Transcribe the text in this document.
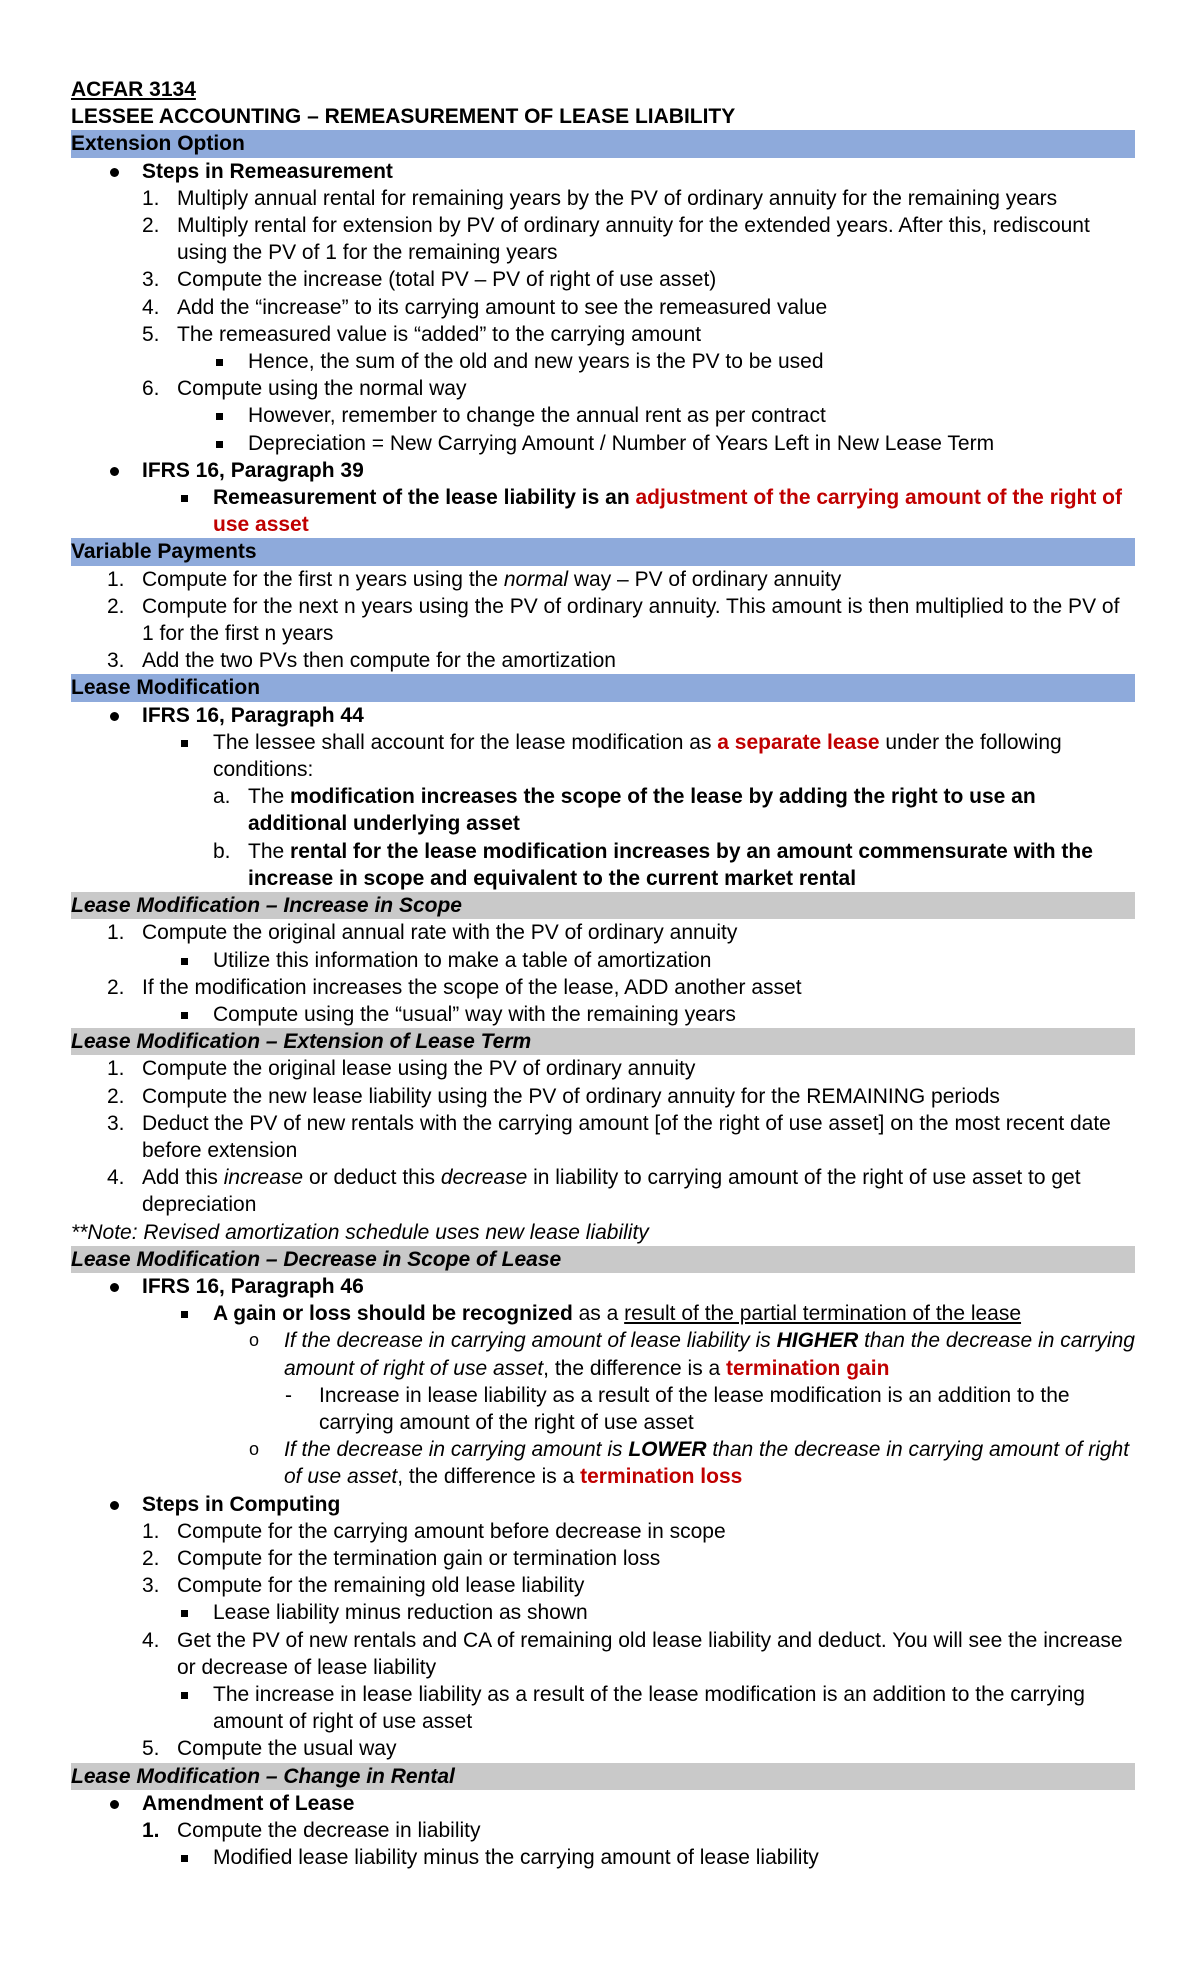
ACFAR 3134
LESSEE ACCOUNTING – REMEASUREMENT OF LEASE LIABILITY
Extension Option
Steps in Remeasurement
1. Multiply annual rental for remaining years by the PV of ordinary annuity for the remaining years
2. Multiply rental for extension by PV of ordinary annuity for the extended years. After this, rediscount using the PV of 1 for the remaining years
3. Compute the increase (total PV – PV of right of use asset)
4. Add the “increase” to its carrying amount to see the remeasured value
5. The remeasured value is “added” to the carrying amount
Hence, the sum of the old and new years is the PV to be used
6. Compute using the normal way
However, remember to change the annual rent as per contract
Depreciation = New Carrying Amount / Number of Years Left in New Lease Term
IFRS 16, Paragraph 39
Remeasurement of the lease liability is an adjustment of the carrying amount of the right of use asset
Variable Payments
1. Compute for the first n years using the normal way – PV of ordinary annuity
2. Compute for the next n years using the PV of ordinary annuity. This amount is then multiplied to the PV of 1 for the first n years
3. Add the two PVs then compute for the amortization
Lease Modification
IFRS 16, Paragraph 44
The lessee shall account for the lease modification as a separate lease under the following conditions:
a. The modification increases the scope of the lease by adding the right to use an additional underlying asset
b. The rental for the lease modification increases by an amount commensurate with the increase in scope and equivalent to the current market rental
Lease Modification – Increase in Scope
1. Compute the original annual rate with the PV of ordinary annuity
Utilize this information to make a table of amortization
2. If the modification increases the scope of the lease, ADD another asset
Compute using the “usual” way with the remaining years
Lease Modification – Extension of Lease Term
1. Compute the original lease using the PV of ordinary annuity
2. Compute the new lease liability using the PV of ordinary annuity for the REMAINING periods
3. Deduct the PV of new rentals with the carrying amount [of the right of use asset] on the most recent date before extension
4. Add this increase or deduct this decrease in liability to carrying amount of the right of use asset to get depreciation
**Note: Revised amortization schedule uses new lease liability
Lease Modification – Decrease in Scope of Lease
IFRS 16, Paragraph 46
A gain or loss should be recognized as a result of the partial termination of the lease
If the decrease in carrying amount of lease liability is HIGHER than the decrease in carrying amount of right of use asset, the difference is a termination gain
Increase in lease liability as a result of the lease modification is an addition to the carrying amount of the right of use asset
If the decrease in carrying amount is LOWER than the decrease in carrying amount of right of use asset, the difference is a termination loss
Steps in Computing
1. Compute for the carrying amount before decrease in scope
2. Compute for the termination gain or termination loss
3. Compute for the remaining old lease liability
Lease liability minus reduction as shown
4. Get the PV of new rentals and CA of remaining old lease liability and deduct. You will see the increase or decrease of lease liability
The increase in lease liability as a result of the lease modification is an addition to the carrying amount of right of use asset
5. Compute the usual way
Lease Modification – Change in Rental
Amendment of Lease
1. Compute the decrease in liability
Modified lease liability minus the carrying amount of lease liability
